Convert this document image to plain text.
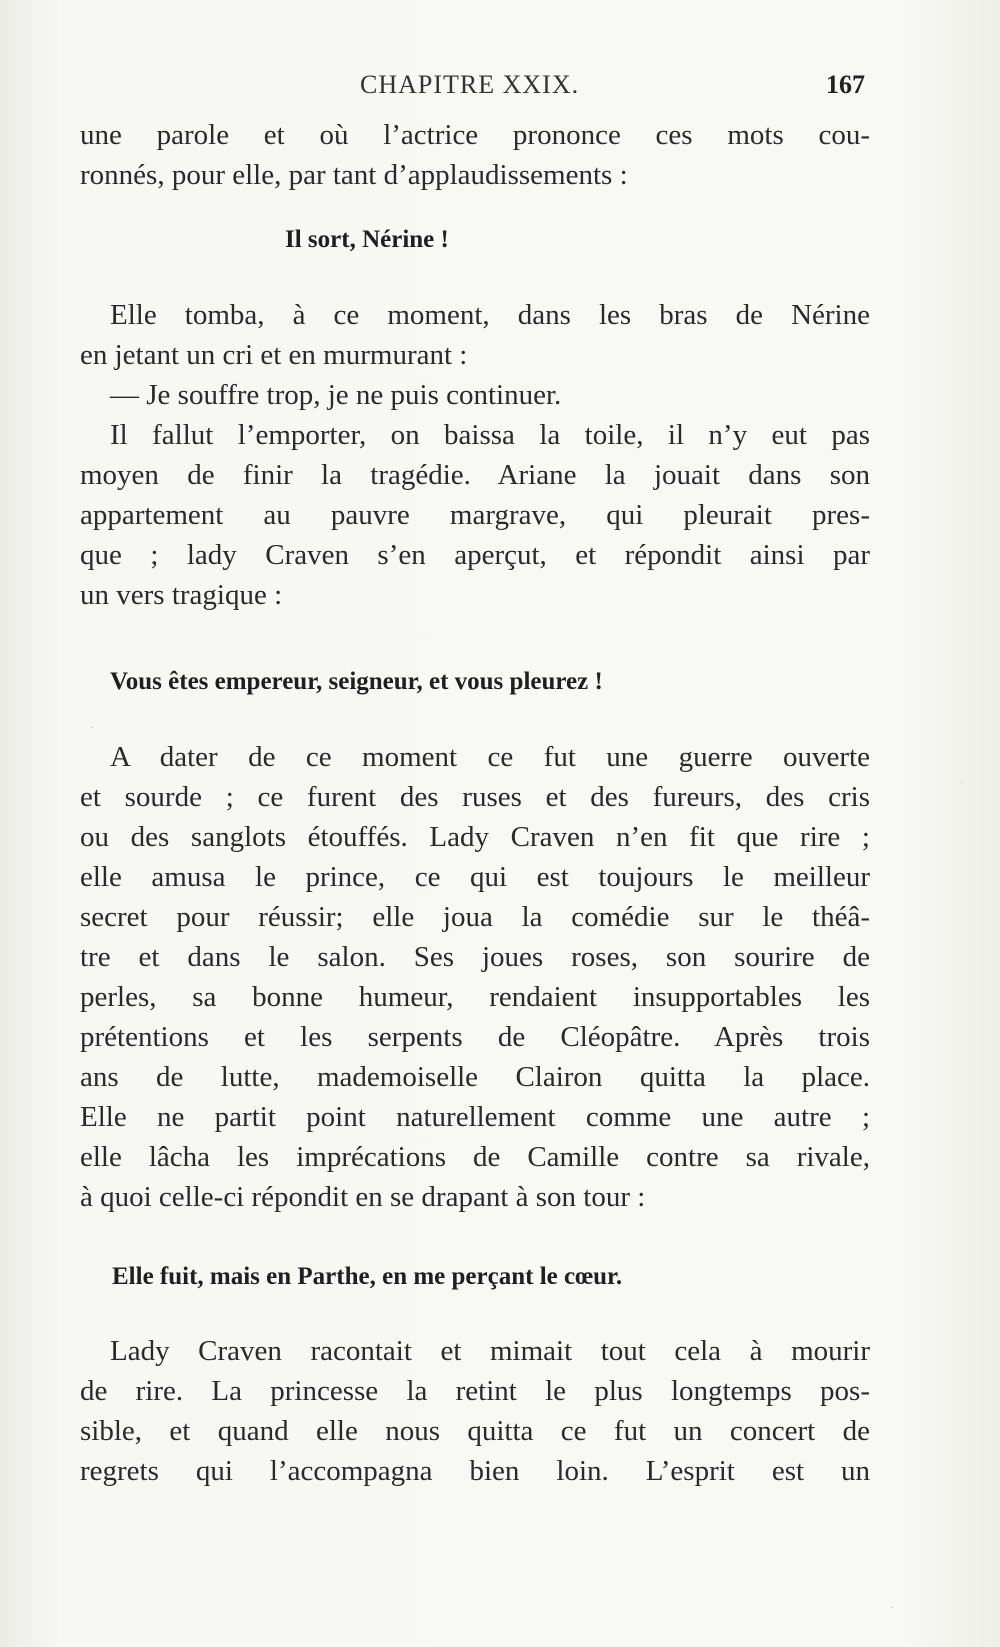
CHAPITRE XXIX.	167
une parole et où l’actrice prononce ces mots cou-
ronnés, pour elle, par tant d’applaudissements :
Il sort, Nérine !
Elle tomba, à ce moment, dans les bras de Nérine
en jetant un cri et en murmurant :
— Je souffre trop, je ne puis continuer.
Il fallut l’emporter, on baissa la toile, il n’y eut pas
moyen de finir la tragédie. Ariane la jouait dans son
appartement au pauvre margrave, qui pleurait pres-
que ; lady Craven s’en aperçut, et répondit ainsi par
un vers tragique :
Vous êtes empereur, seigneur, et vous pleurez !
A dater de ce moment ce fut une guerre ouverte
et sourde ; ce furent des ruses et des fureurs, des cris
ou des sanglots étouffés. Lady Craven n’en fit que rire ;
elle amusa le prince, ce qui est toujours le meilleur
secret pour réussir; elle joua la comédie sur le théâ-
tre et dans le salon. Ses joues roses, son sourire de
perles, sa bonne humeur, rendaient insupportables les
prétentions et les serpents de Cléopâtre. Après trois
ans de lutte, mademoiselle Clairon quitta la place.
Elle ne partit point naturellement comme une autre ;
elle lâcha les imprécations de Camille contre sa rivale,
à quoi celle-ci répondit en se drapant à son tour :
Elle fuit, mais en Parthe, en me perçant le cœur.
Lady Craven racontait et mimait tout cela à mourir
de rire. La princesse la retint le plus longtemps pos-
sible, et quand elle nous quitta ce fut un concert de
regrets qui l’accompagna bien loin. L’esprit est un
·
·
·
